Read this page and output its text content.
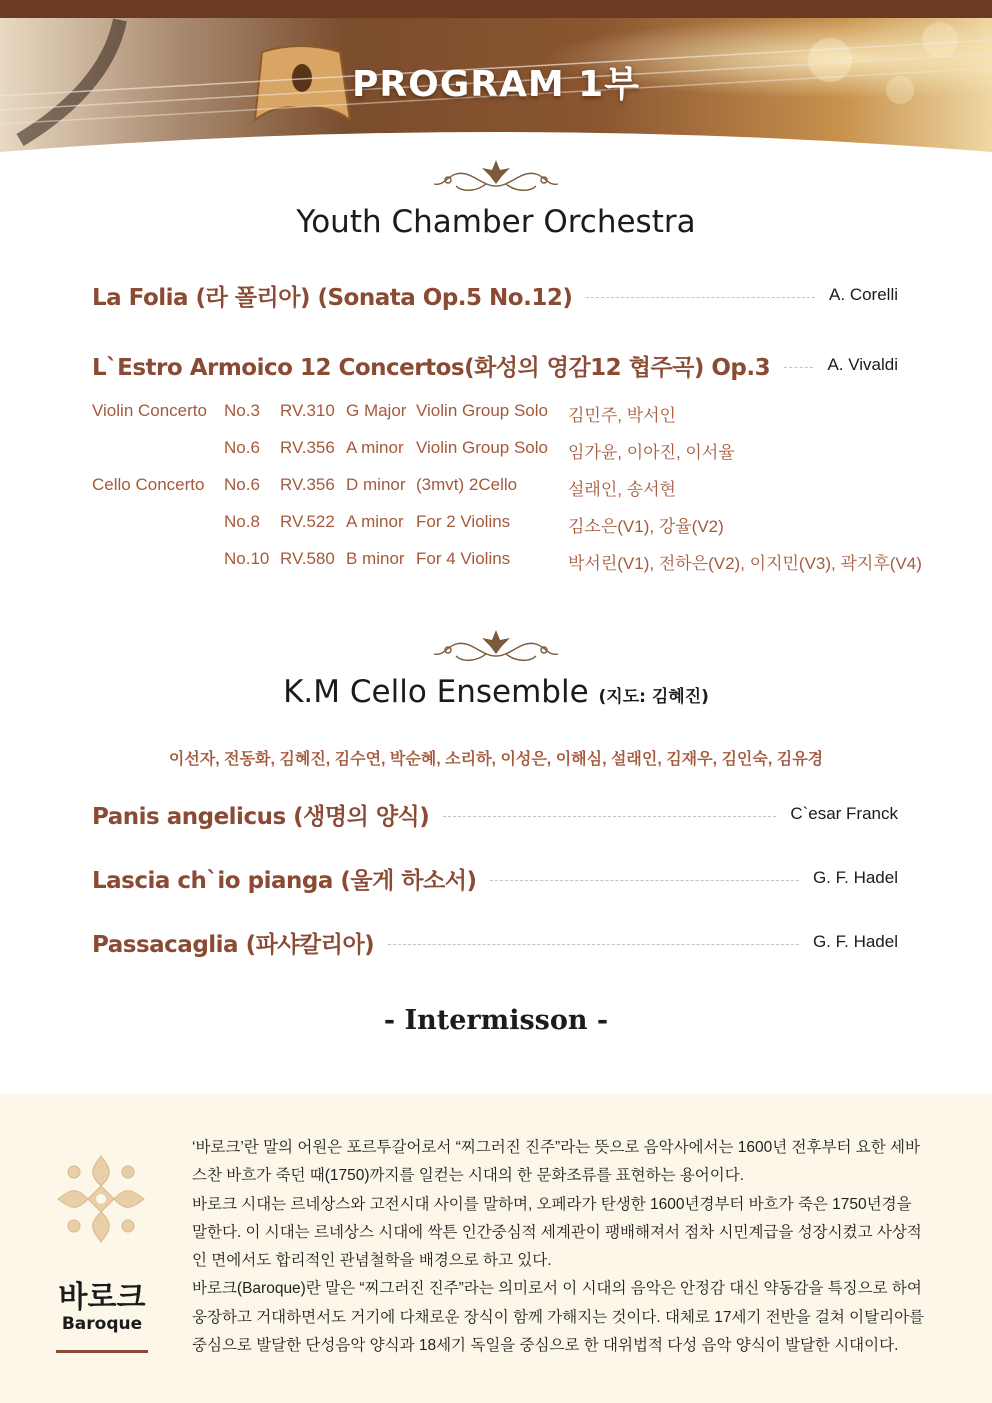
PROGRAM 1부
Youth Chamber Orchestra
La Folia (라 폴리아) (Sonata Op.5 No.12)	A. Corelli
L`Estro Armoico 12 Concertos(화성의 영감12 협주곡) Op.3	A. Vivaldi
Violin Concerto No.3 RV.310 G Major Violin Group Solo 김민주, 박서인
No.6 RV.356 A minor Violin Group Solo 임가윤, 이아진, 이서율
Cello Concerto No.6 RV.356 D minor (3mvt) 2Cello	설래인, 송서현
No.8 RV.522 A minor For 2 Violins	김소은(V1), 강율(V2)
No.10 RV.580 B minor For 4 Violins	박서린(V1), 전하은(V2), 이지민(V3), 곽지후(V4)
K.M Cello Ensemble (지도: 김혜진)
이선자, 전동화, 김혜진, 김수연, 박순혜, 소리하, 이성은, 이해심, 설래인, 김재우, 김인숙, 김유경
Panis angelicus (생명의 양식)	C`esar Franck
Lascia ch`io pianga (울게 하소서)	G. F. Hadel
Passacaglia (파샤칼리아)	G. F. Hadel
- Intermisson -
바로크
Baroque

‘바로크’란 말의 어원은 포르투갈어로서 “찌그러진 진주”라는 뜻으로 음악사에서는 1600년 전후부터 요한 세바

스찬 바흐가 죽던 때(1750)까지를 일컫는 시대의 한 문화조류를 표현하는 용어이다.

바로크 시대는 르네상스와 고전시대 사이를 말하며, 오페라가 탄생한 1600년경부터 바흐가 죽은 1750년경을

말한다. 이 시대는 르네상스 시대에 싹튼 인간중심적 세계관이 팽배해져서 점차 시민계급을 성장시켰고 사상적

인 면에서도 합리적인 관념철학을 배경으로 하고 있다.

바로크(Baroque)란 말은 “찌그러진 진주”라는 의미로서 이 시대의 음악은 안정감 대신 약동감을 특징으로 하여

웅장하고 거대하면서도 거기에 다채로운 장식이 함께 가해지는 것이다. 대체로 17세기 전반을 걸쳐 이탈리아를

중심으로 발달한 단성음악 양식과 18세기 독일을 중심으로 한 대위법적 다성 음악 양식이 발달한 시대이다.
